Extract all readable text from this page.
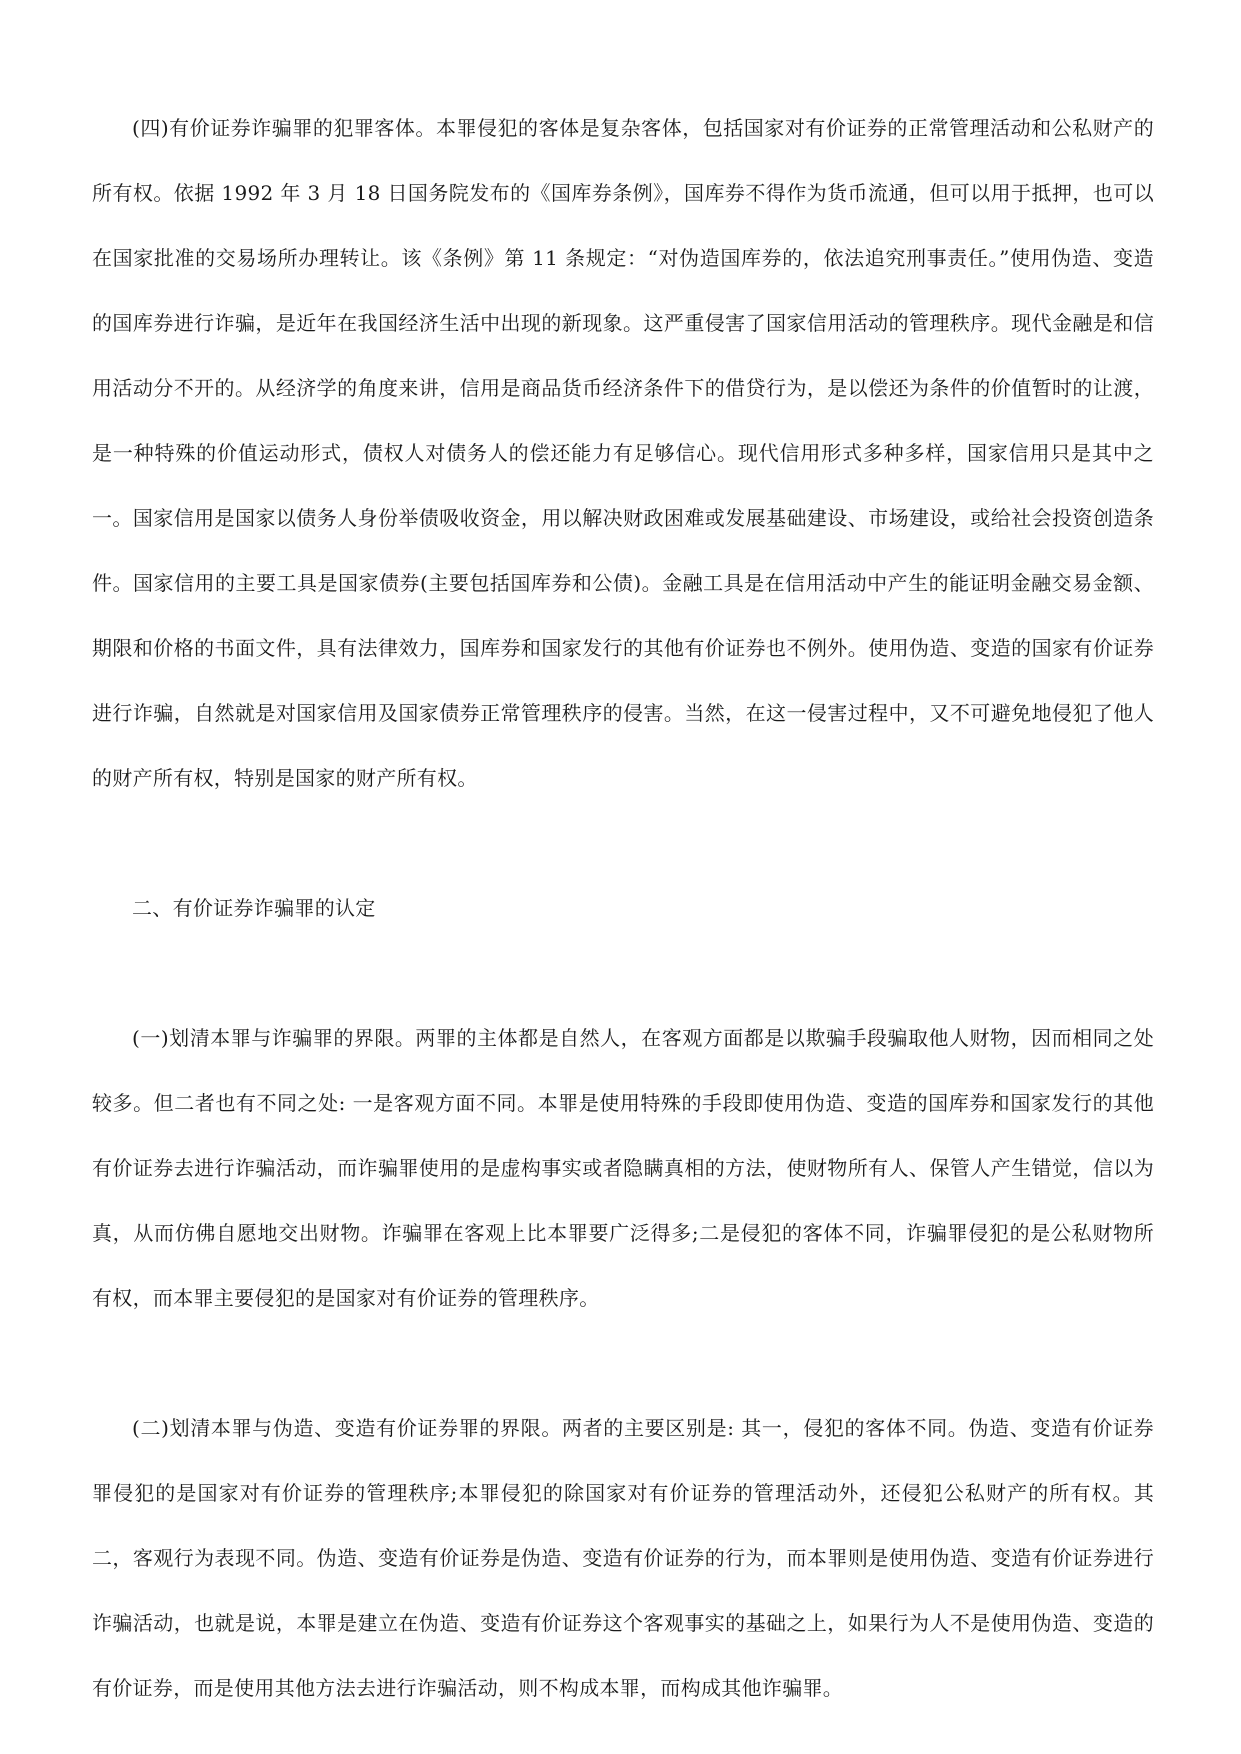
(四)有价证券诈骗罪的犯罪客体。本罪侵犯的客体是复杂客体，包括国家对有价证券的正常管理活动和公私财产的所有权。依据 1992 年 3 月 18 日国务院发布的《国库券条例》，国库券不得作为货币流通，但可以用于抵押，也可以在国家批准的交易场所办理转让。该《条例》第 11 条规定：“对伪造国库券的，依法追究刑事责任。”使用伪造、变造的国库券进行诈骗，是近年在我国经济生活中出现的新现象。这严重侵害了国家信用活动的管理秩序。现代金融是和信用活动分不开的。从经济学的角度来讲，信用是商品货币经济条件下的借贷行为，是以偿还为条件的价值暂时的让渡，是一种特殊的价值运动形式，债权人对债务人的偿还能力有足够信心。现代信用形式多种多样，国家信用只是其中之一。国家信用是国家以债务人身份举债吸收资金，用以解决财政困难或发展基础建设、市场建设，或给社会投资创造条件。国家信用的主要工具是国家债券(主要包括国库券和公债)。金融工具是在信用活动中产生的能证明金融交易金额、期限和价格的书面文件，具有法律效力，国库券和国家发行的其他有价证券也不例外。使用伪造、变造的国家有价证券进行诈骗，自然就是对国家信用及国家债券正常管理秩序的侵害。当然，在这一侵害过程中，又不可避免地侵犯了他人的财产所有权，特别是国家的财产所有权。

二、有价证券诈骗罪的认定

(一)划清本罪与诈骗罪的界限。两罪的主体都是自然人，在客观方面都是以欺骗手段骗取他人财物，因而相同之处较多。但二者也有不同之处: 一是客观方面不同。本罪是使用特殊的手段即使用伪造、变造的国库券和国家发行的其他有价证券去进行诈骗活动，而诈骗罪使用的是虚构事实或者隐瞒真相的方法，使财物所有人、保管人产生错觉，信以为真，从而仿佛自愿地交出财物。诈骗罪在客观上比本罪要广泛得多;二是侵犯的客体不同，诈骗罪侵犯的是公私财物所有权，而本罪主要侵犯的是国家对有价证券的管理秩序。

(二)划清本罪与伪造、变造有价证券罪的界限。两者的主要区别是: 其一，侵犯的客体不同。伪造、变造有价证券罪侵犯的是国家对有价证券的管理秩序;本罪侵犯的除国家对有价证券的管理活动外，还侵犯公私财产的所有权。其二，客观行为表现不同。伪造、变造有价证券是伪造、变造有价证券的行为，而本罪则是使用伪造、变造有价证券进行诈骗活动，也就是说，本罪是建立在伪造、变造有价证券这个客观事实的基础之上，如果行为人不是使用伪造、变造的有价证券，而是使用其他方法去进行诈骗活动，则不构成本罪，而构成其他诈骗罪。
